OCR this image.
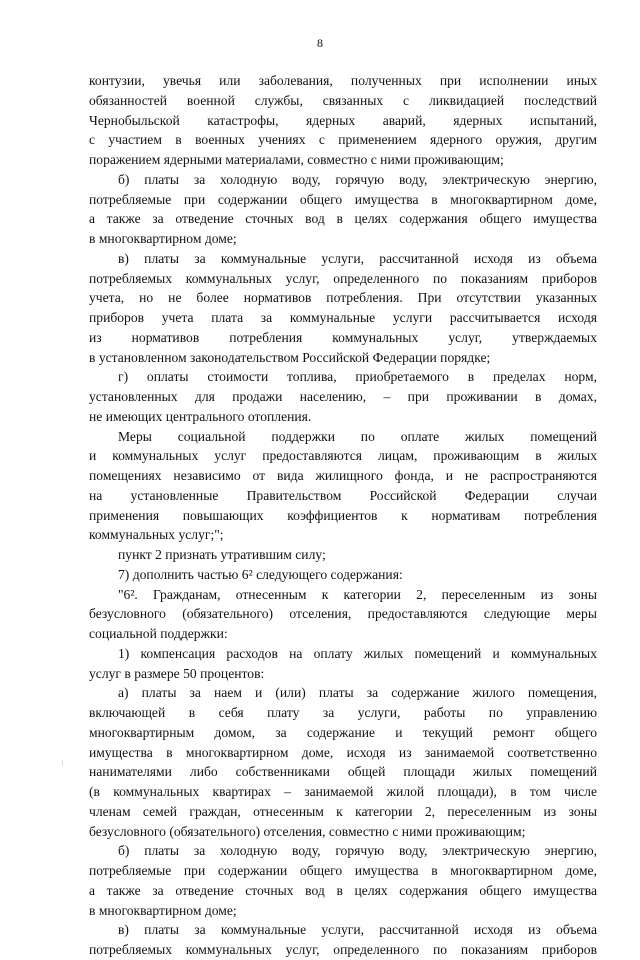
8
контузии, увечья или заболевания, полученных при исполнении иных
обязанностей военной службы, связанных с ликвидацией последствий
Чернобыльской катастрофы, ядерных аварий, ядерных испытаний,
с участием в военных учениях с применением ядерного оружия, другим
поражением ядерными материалами, совместно с ними проживающим;
б) платы за холодную воду, горячую воду, электрическую энергию,
потребляемые при содержании общего имущества в многоквартирном доме,
а также за отведение сточных вод в целях содержания общего имущества
в многоквартирном доме;
в) платы за коммунальные услуги, рассчитанной исходя из объема
потребляемых коммунальных услуг, определенного по показаниям приборов
учета, но не более нормативов потребления. При отсутствии указанных
приборов учета плата за коммунальные услуги рассчитывается исходя
из нормативов потребления коммунальных услуг, утверждаемых
в установленном законодательством Российской Федерации порядке;
г) оплаты стоимости топлива, приобретаемого в пределах норм,
установленных для продажи населению, – при проживании в домах,
не имеющих центрального отопления.
Меры социальной поддержки по оплате жилых помещений
и коммунальных услуг предоставляются лицам, проживающим в жилых
помещениях независимо от вида жилищного фонда, и не распространяются
на установленные Правительством Российской Федерации случаи
применения повышающих коэффициентов к нормативам потребления
коммунальных услуг;";
пункт 2 признать утратившим силу;
7) дополнить частью 6² следующего содержания:
"6². Гражданам, отнесенным к категории 2, переселенным из зоны
безусловного (обязательного) отселения, предоставляются следующие меры
социальной поддержки:
1) компенсация расходов на оплату жилых помещений и коммунальных
услуг в размере 50 процентов:
а) платы за наем и (или) платы за содержание жилого помещения,
включающей в себя плату за услуги, работы по управлению
многоквартирным домом, за содержание и текущий ремонт общего
имущества в многоквартирном доме, исходя из занимаемой соответственно
нанимателями либо собственниками общей площади жилых помещений
(в коммунальных квартирах – занимаемой жилой площади), в том числе
членам семей граждан, отнесенным к категории 2, переселенным из зоны
безусловного (обязательного) отселения, совместно с ними проживающим;
б) платы за холодную воду, горячую воду, электрическую энергию,
потребляемые при содержании общего имущества в многоквартирном доме,
а также за отведение сточных вод в целях содержания общего имущества
в многоквартирном доме;
в) платы за коммунальные услуги, рассчитанной исходя из объема
потребляемых коммунальных услуг, определенного по показаниям приборов
